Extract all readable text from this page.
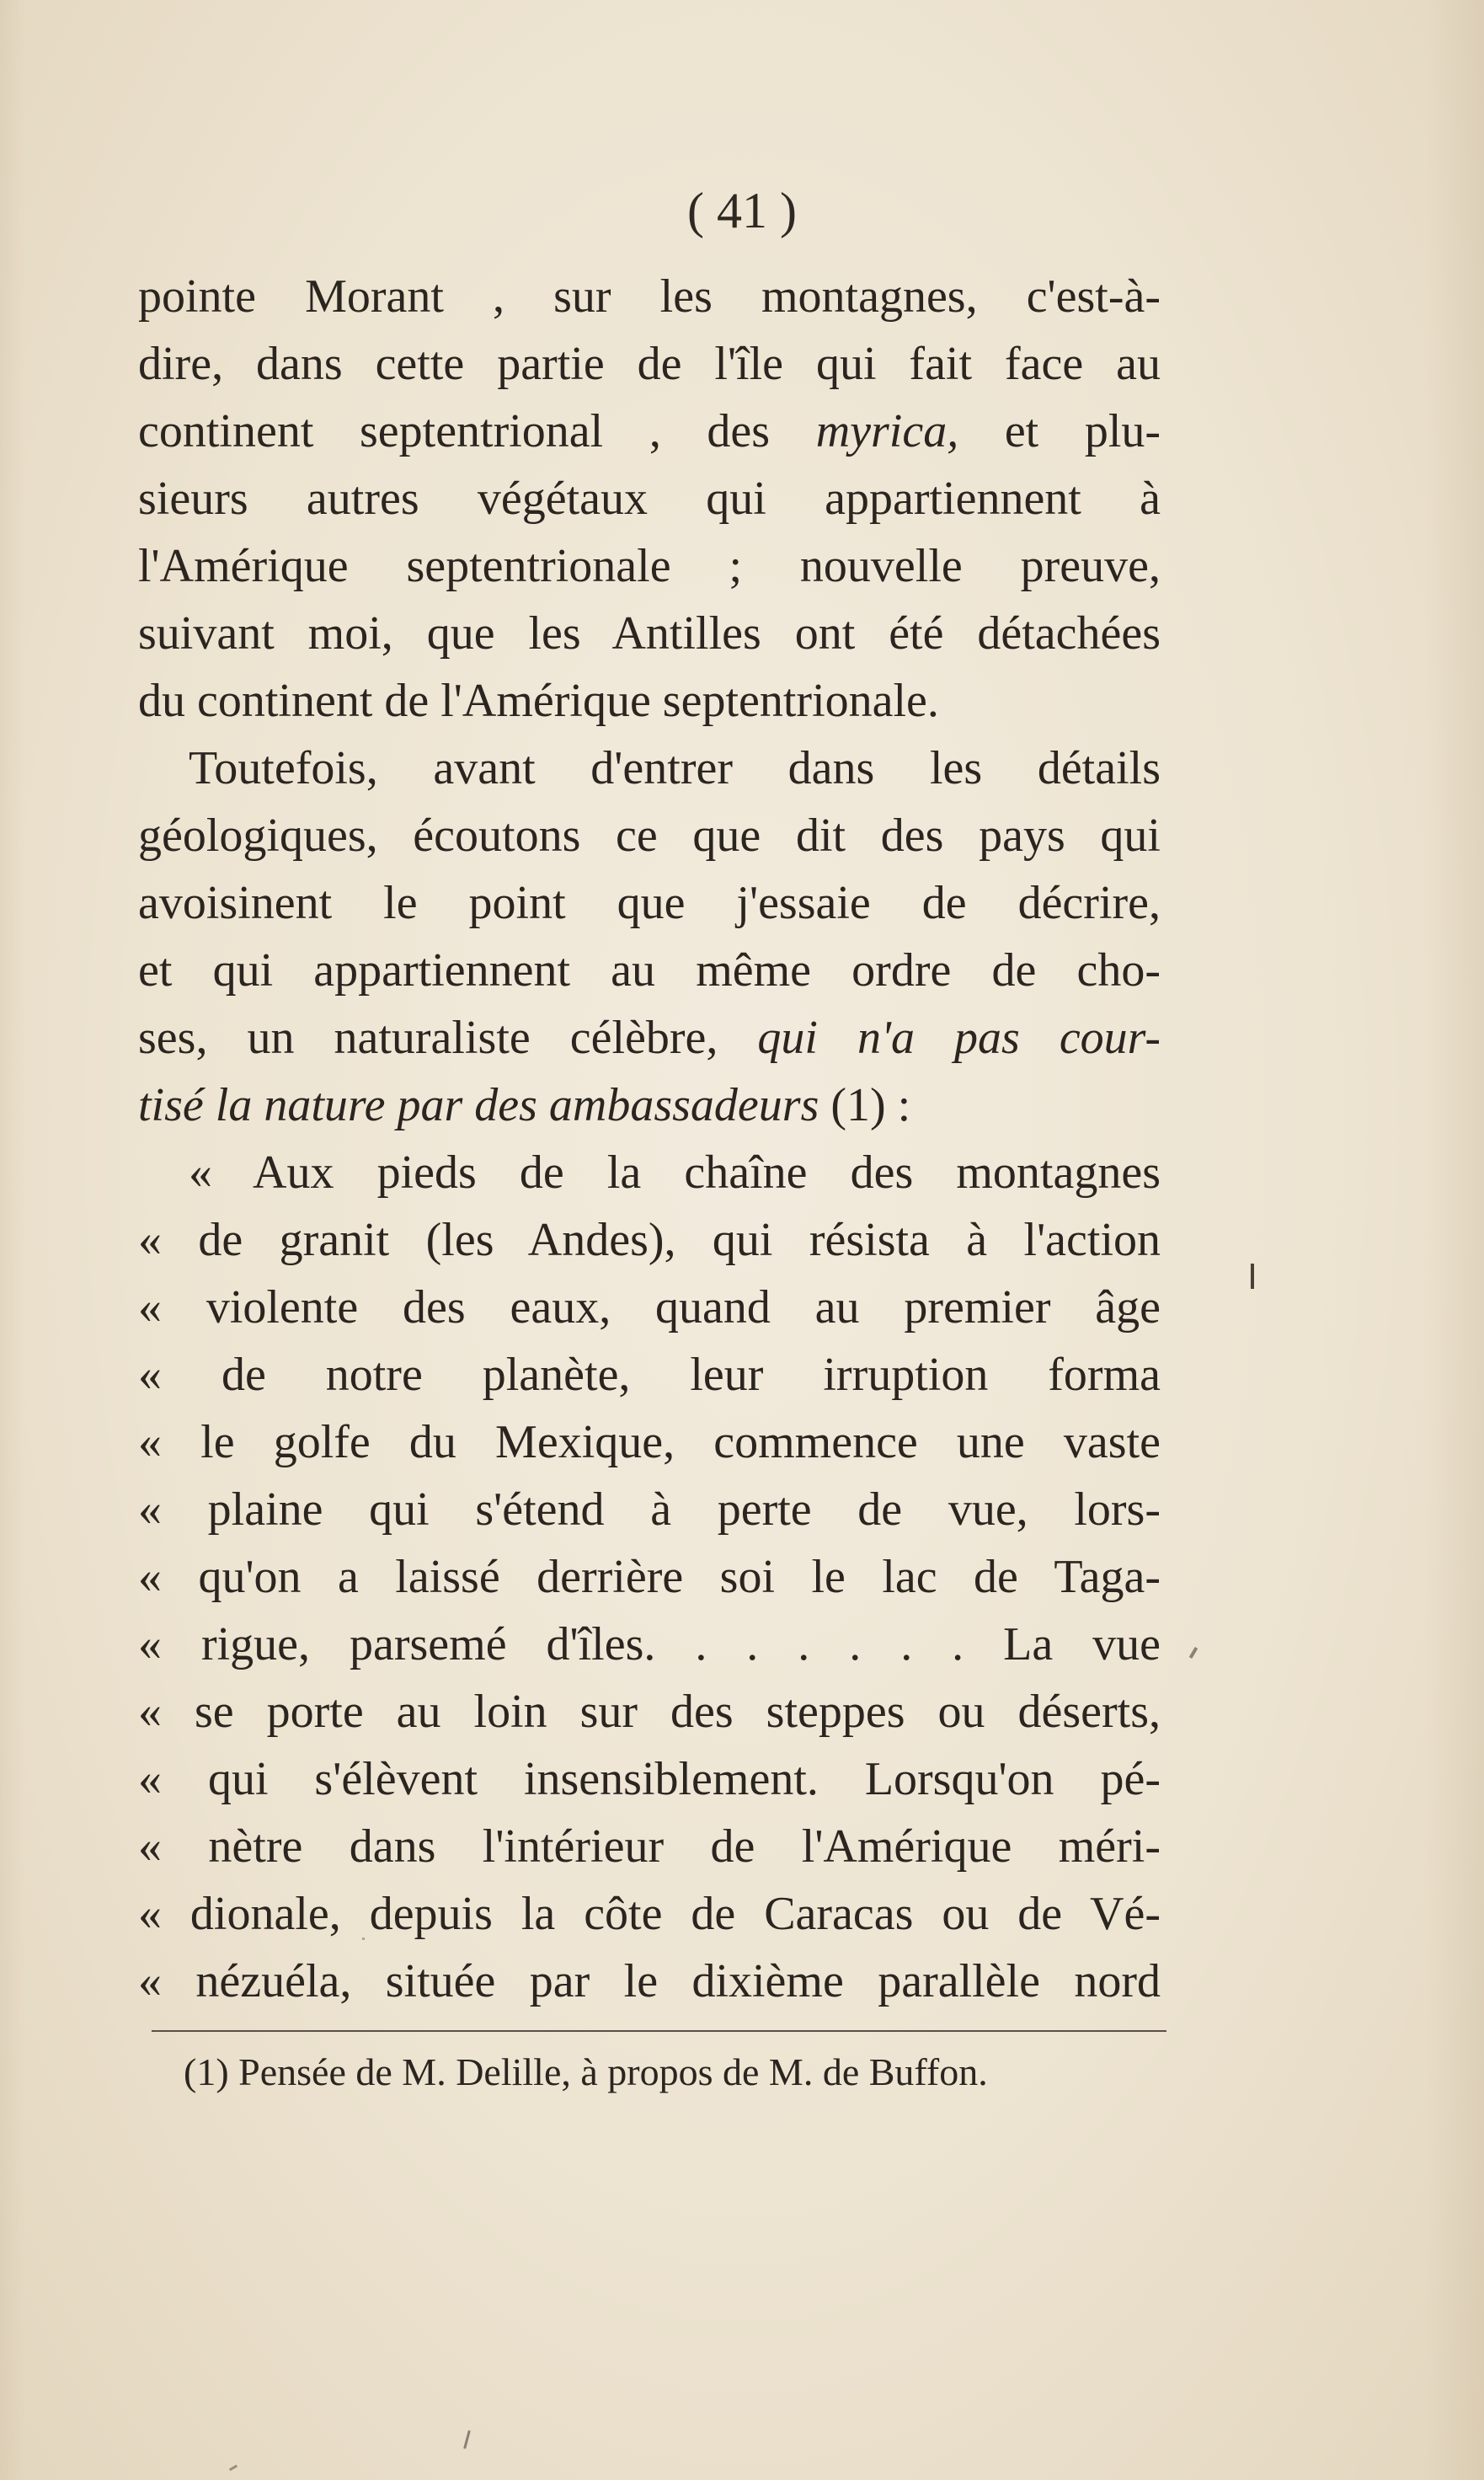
( 41 )
pointe Morant , sur les montagnes, c'est-à-
dire, dans cette partie de l'île qui fait face au
continent septentrional , des myrica, et plu-
sieurs autres végétaux qui appartiennent à
l'Amérique septentrionale ; nouvelle preuve,
suivant moi, que les Antilles ont été détachées
du continent de l'Amérique septentrionale.
Toutefois, avant d'entrer dans les détails
géologiques, écoutons ce que dit des pays qui
avoisinent le point que j'essaie de décrire,
et qui appartiennent au même ordre de cho-
ses, un naturaliste célèbre, qui n'a pas cour-
tisé la nature par des ambassadeurs (1) :
« Aux pieds de la chaîne des montagnes
« de granit (les Andes), qui résista à l'action
« violente des eaux, quand au premier âge
« de notre planète, leur irruption forma
« le golfe du Mexique, commence une vaste
« plaine qui s'étend à perte de vue, lors-
« qu'on a laissé derrière soi le lac de Taga-
« rigue, parsemé d'îles. . . . . . . La vue
« se porte au loin sur des steppes ou déserts,
« qui s'élèvent insensiblement. Lorsqu'on pé-
« nètre dans l'intérieur de l'Amérique méri-
« dionale, depuis la côte de Caracas ou de Vé-
« nézuéla, située par le dixième parallèle nord
(1) Pensée de M. Delille, à propos de M. de Buffon.
